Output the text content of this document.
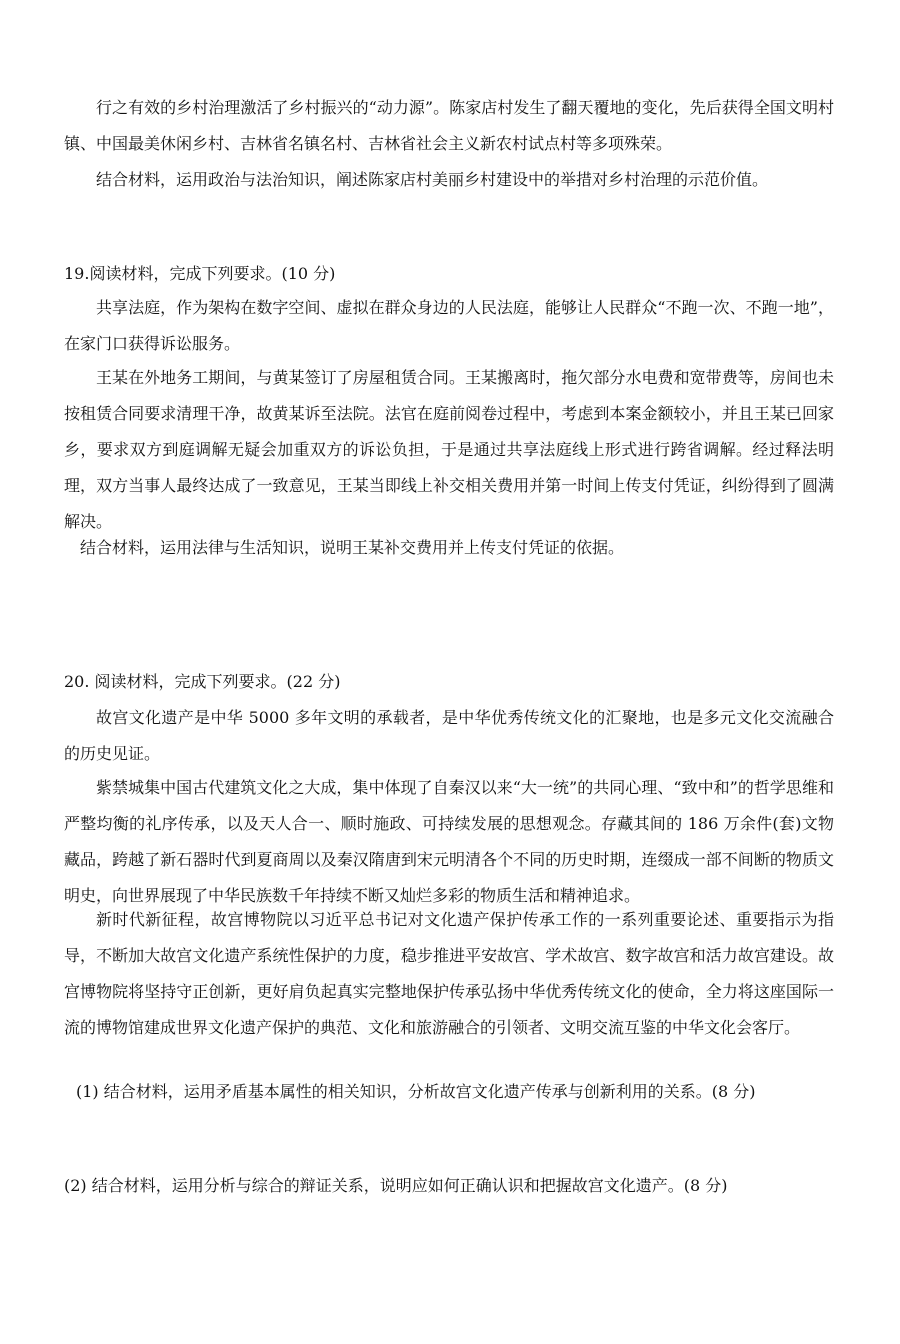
行之有效的乡村治理激活了乡村振兴的“动力源”。陈家店村发生了翻天覆地的变化，先后获得全国文明村镇、中国最美休闲乡村、吉林省名镇名村、吉林省社会主义新农村试点村等多项殊荣。

结合材料，运用政治与法治知识，阐述陈家店村美丽乡村建设中的举措对乡村治理的示范价值。

19.阅读材料，完成下列要求。(10 分)

共享法庭，作为架构在数字空间、虚拟在群众身边的人民法庭，能够让人民群众“不跑一次、不跑一地”，在家门口获得诉讼服务。

王某在外地务工期间，与黄某签订了房屋租赁合同。王某搬离时，拖欠部分水电费和宽带费等，房间也未按租赁合同要求清理干净，故黄某诉至法院。法官在庭前阅卷过程中，考虑到本案金额较小，并且王某已回家乡，要求双方到庭调解无疑会加重双方的诉讼负担，于是通过共享法庭线上形式进行跨省调解。经过释法明理，双方当事人最终达成了一致意见，王某当即线上补交相关费用并第一时间上传支付凭证，纠纷得到了圆满解决。

结合材料，运用法律与生活知识，说明王某补交费用并上传支付凭证的依据。

20. 阅读材料，完成下列要求。(22 分)

故宫文化遗产是中华 5000 多年文明的承载者，是中华优秀传统文化的汇聚地，也是多元文化交流融合的历史见证。

紫禁城集中国古代建筑文化之大成，集中体现了自秦汉以来“大一统”的共同心理、“致中和”的哲学思维和严整均衡的礼序传承，以及天人合一、顺时施政、可持续发展的思想观念。存藏其间的 186 万余件(套)文物藏品，跨越了新石器时代到夏商周以及秦汉隋唐到宋元明清各个不同的历史时期，连缀成一部不间断的物质文明史，向世界展现了中华民族数千年持续不断又灿烂多彩的物质生活和精神追求。

新时代新征程，故宫博物院以习近平总书记对文化遗产保护传承工作的一系列重要论述、重要指示为指导，不断加大故宫文化遗产系统性保护的力度，稳步推进平安故宫、学术故宫、数字故宫和活力故宫建设。故宫博物院将坚持守正创新，更好肩负起真实完整地保护传承弘扬中华优秀传统文化的使命，全力将这座国际一流的博物馆建成世界文化遗产保护的典范、文化和旅游融合的引领者、文明交流互鉴的中华文化会客厅。

(1) 结合材料，运用矛盾基本属性的相关知识，分析故宫文化遗产传承与创新利用的关系。(8 分)

(2) 结合材料，运用分析与综合的辩证关系，说明应如何正确认识和把握故宫文化遗产。(8 分)
